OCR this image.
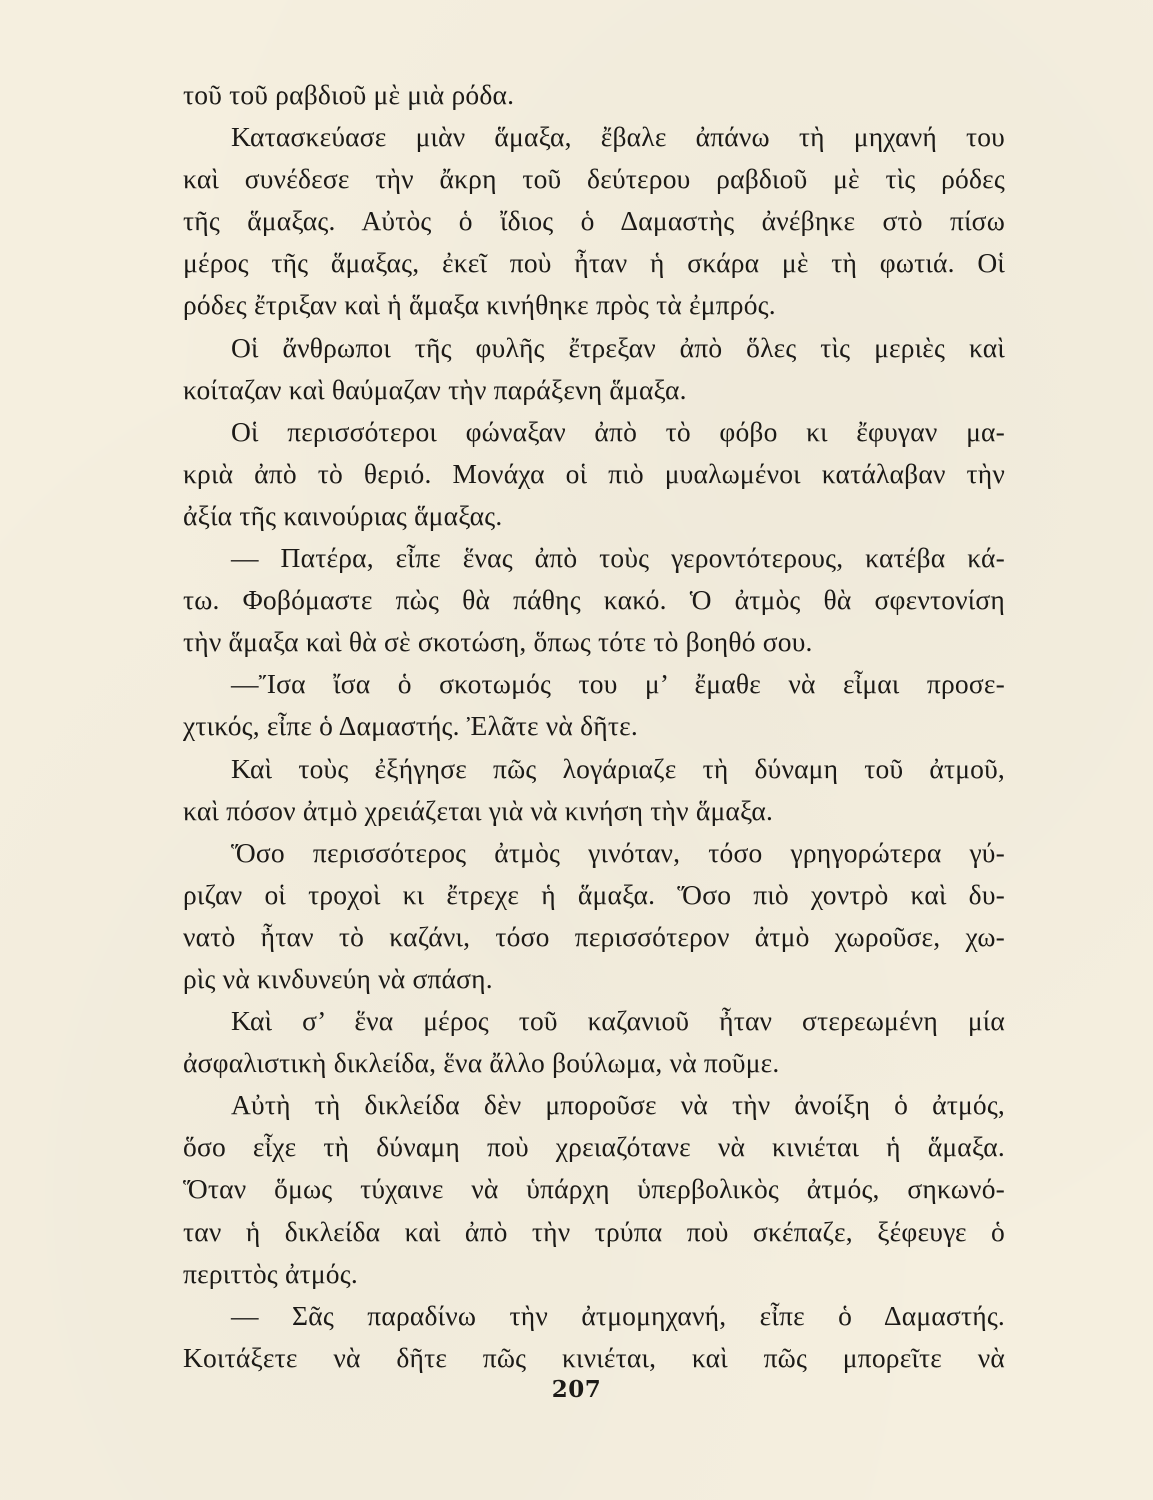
τοῦ τοῦ ραβδιοῦ μὲ μιὰ ρόδα.
Κατασκεύασε μιὰν ἅμαξα, ἔβαλε ἀπάνω τὴ μηχανή του
καὶ συνέδεσε τὴν ἄκρη τοῦ δεύτερου ραβδιοῦ μὲ τὶς ρόδες
τῆς ἅμαξας. Αὐτὸς ὁ ἴδιος ὁ Δαμαστὴς ἀνέβηκε στὸ πίσω
μέρος τῆς ἅμαξας, ἐκεῖ ποὺ ἦταν ἡ σκάρα μὲ τὴ φωτιά. Οἱ
ρόδες ἔτριξαν καὶ ἡ ἅμαξα κινήθηκε πρὸς τὰ ἐμπρός.
Οἱ ἄνθρωποι τῆς φυλῆς ἔτρεξαν ἀπὸ ὅλες τὶς μεριὲς καὶ
κοίταζαν καὶ θαύμαζαν τὴν παράξενη ἅμαξα.
Οἱ περισσότεροι φώναξαν ἀπὸ τὸ φόβο κι ἔφυγαν μα-
κριὰ ἀπὸ τὸ θεριό. Μονάχα οἱ πιὸ μυαλωμένοι κατάλαβαν τὴν
ἀξία τῆς καινούριας ἅμαξας.
— Πατέρα, εἶπε ἕνας ἀπὸ τοὺς γεροντότερους, κατέβα κά-
τω. Φοβόμαστε πὼς θὰ πάθης κακό. Ὁ ἀτμὸς θὰ σφεντονίση
τὴν ἅμαξα καὶ θὰ σὲ σκοτώση, ὅπως τότε τὸ βοηθό σου.
—Ἴσα ἴσα ὁ σκοτωμός του μ’ ἔμαθε νὰ εἶμαι προσε-
χτικός, εἶπε ὁ Δαμαστής. Ἐλᾶτε νὰ δῆτε.
Καὶ τοὺς ἐξήγησε πῶς λογάριαζε τὴ δύναμη τοῦ ἀτμοῦ,
καὶ πόσον ἀτμὸ χρειάζεται γιὰ νὰ κινήση τὴν ἅμαξα.
Ὅσο περισσότερος ἀτμὸς γινόταν, τόσο γρηγορώτερα γύ-
ριζαν οἱ τροχοὶ κι ἔτρεχε ἡ ἅμαξα. Ὅσο πιὸ χοντρὸ καὶ δυ-
νατὸ ἦταν τὸ καζάνι, τόσο περισσότερον ἀτμὸ χωροῦσε, χω-
ρὶς νὰ κινδυνεύη νὰ σπάση.
Καὶ σ’ ἕνα μέρος τοῦ καζανιοῦ ἦταν στερεωμένη μία
ἀσφαλιστικὴ δικλείδα, ἕνα ἄλλο βούλωμα, νὰ ποῦμε.
Αὐτὴ τὴ δικλείδα δὲν μποροῦσε νὰ τὴν ἀνοίξη ὁ ἀτμός,
ὅσο εἶχε τὴ δύναμη ποὺ χρειαζότανε νὰ κινιέται ἡ ἅμαξα.
Ὅταν ὅμως τύχαινε νὰ ὑπάρχη ὑπερβολικὸς ἀτμός, σηκωνό-
ταν ἡ δικλείδα καὶ ἀπὸ τὴν τρύπα ποὺ σκέπαζε, ξέφευγε ὁ
περιττὸς ἀτμός.
— Σᾶς παραδίνω τὴν ἀτμομηχανή, εἶπε ὁ Δαμαστής.
Κοιτάξετε νὰ δῆτε πῶς κινιέται, καὶ πῶς μπορεῖτε νὰ
207
